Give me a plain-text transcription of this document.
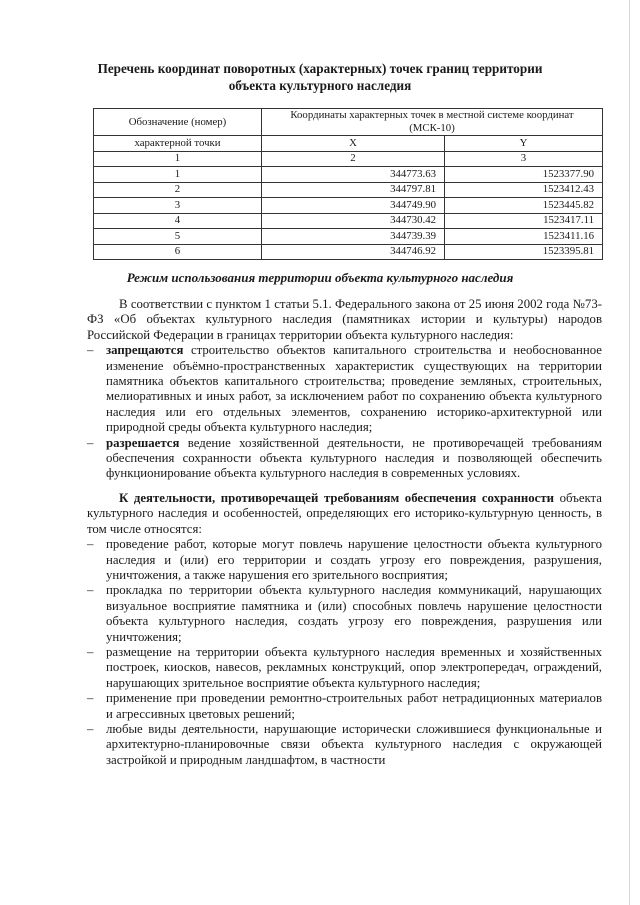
Перечень координат поворотных (характерных) точек границ территории
объекта культурного наследия
Обозначение (номер)	Координаты характерных точек в местной системе координат (МСК-10)	
характерной точки	X	Y
1	2	3
1	344773.63	1523377.90
2	344797.81	1523412.43
3	344749.90	1523445.82
4	344730.42	1523417.11
5	344739.39	1523411.16
6	344746.92	1523395.81
Режим использования территории объекта культурного наследия

В соответствии с пунктом 1 статьи 5.1. Федерального закона от 25 июня 2002 года №73-ФЗ «Об объектах культурного наследия (памятниках истории и культуры) народов Российской Федерации в границах территории объекта культурного наследия:

– запрещаются строительство объектов капитального строительства и необоснованное изменение объёмно-пространственных характеристик существующих на территории памятника объектов капитального строительства; проведение земляных, строительных, мелиоративных и иных работ, за исключением работ по сохранению объекта культурного наследия или его отдельных элементов, сохранению историко-архитектурной или природной среды объекта культурного наследия;

– разрешается ведение хозяйственной деятельности, не противоречащей требованиям обеспечения сохранности объекта культурного наследия и позволяющей обеспечить функционирование объекта культурного наследия в современных условиях.

К деятельности, противоречащей требованиям обеспечения сохранности объекта культурного наследия и особенностей, определяющих его историко-культурную ценность, в том числе относятся:

– проведение работ, которые могут повлечь нарушение целостности объекта культурного наследия и (или) его территории и создать угрозу его повреждения, разрушения, уничтожения, а также нарушения его зрительного восприятия;

– прокладка по территории объекта культурного наследия коммуникаций, нарушающих визуальное восприятие памятника и (или) способных повлечь нарушение целостности объекта культурного наследия, создать угрозу его повреждения, разрушения или уничтожения;

– размещение на территории объекта культурного наследия временных и хозяйственных построек, киосков, навесов, рекламных конструкций, опор электропередач, ограждений, нарушающих зрительное восприятие объекта культурного наследия;

– применение при проведении ремонтно-строительных работ нетрадиционных материалов и агрессивных цветовых решений;

– любые виды деятельности, нарушающие исторически сложившиеся функциональные и архитектурно-планировочные связи объекта культурного наследия с окружающей застройкой и природным ландшафтом, в частности
